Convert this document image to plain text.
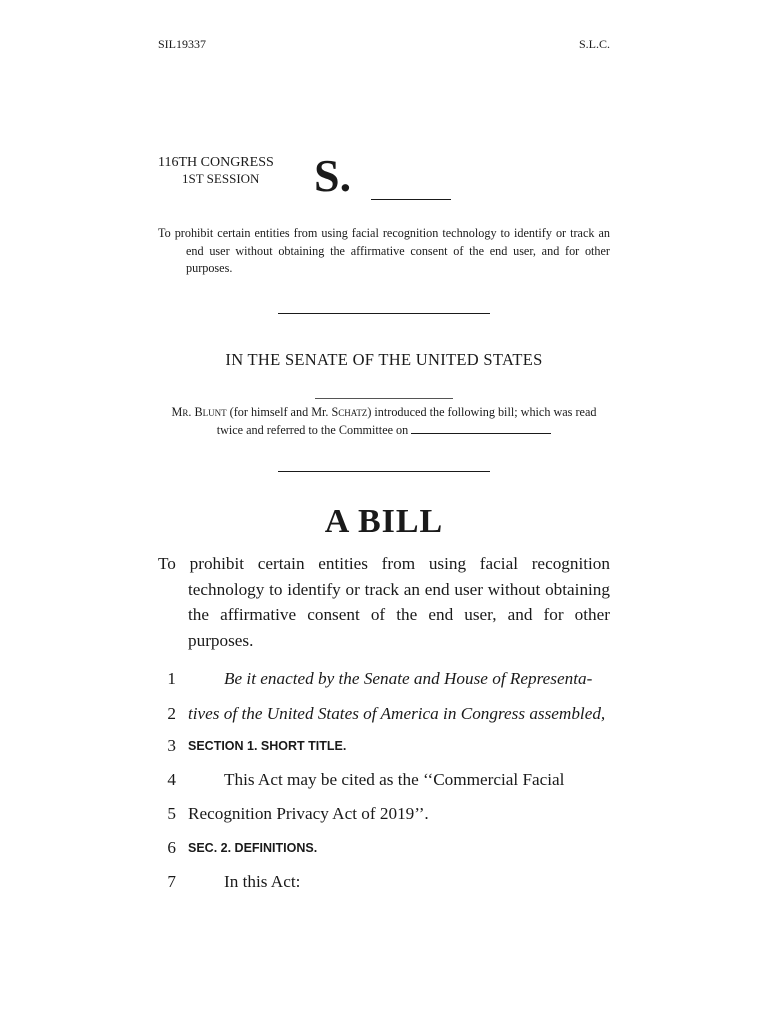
SIL19337	S.L.C.
116TH CONGRESS
1ST SESSION	S.
To prohibit certain entities from using facial recognition technology to identify or track an end user without obtaining the affirmative consent of the end user, and for other purposes.
IN THE SENATE OF THE UNITED STATES
Mr. Blunt (for himself and Mr. Schatz) introduced the following bill; which was read twice and referred to the Committee on
A BILL
To prohibit certain entities from using facial recognition technology to identify or track an end user without obtaining the affirmative consent of the end user, and for other purposes.
1	Be it enacted by the Senate and House of Representa-
2 tives of the United States of America in Congress assembled,
3 SECTION 1. SHORT TITLE.
4	This Act may be cited as the ‘‘Commercial Facial
5 Recognition Privacy Act of 2019’’.
6 SEC. 2. DEFINITIONS.
7	In this Act:
